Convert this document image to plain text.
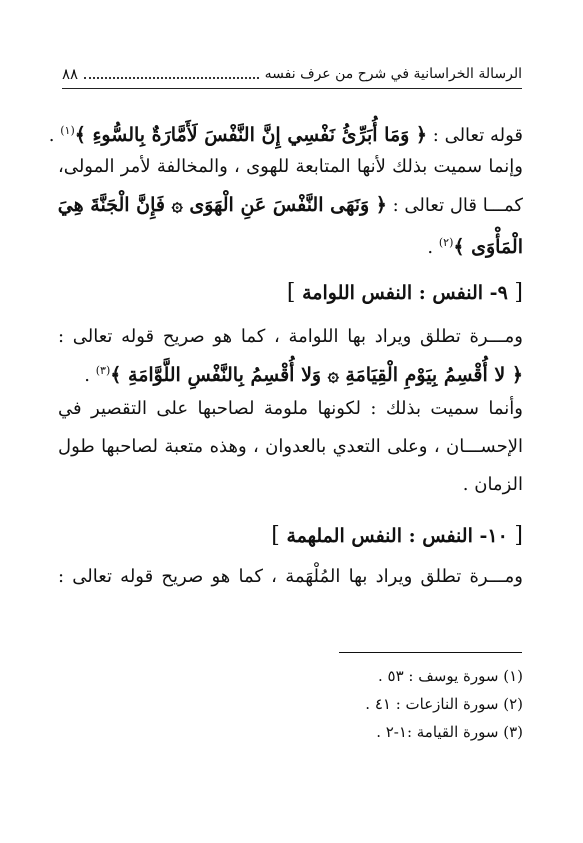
الرسالة الخراسانية في شرح من عرف نفسه
٨٨
قوله تعالى : ﴿ وَمَا أُبَرِّئُ نَفْسِي إِنَّ النَّفْسَ لَأَمَّارَةٌ بِالسُّوءِ ﴾$^{(١)}$ .
وإنما سميت بذلك لأنها المتابعة للهوى ، والمخالفة لأمر المولى،
كمـــا قال تعالى : ﴿ وَنَهَى النَّفْسَ عَنِ الْهَوَى ۞ فَإِنَّ الْجَنَّةَ هِيَ
الْمَأْوَى ﴾$^{(٢)}$ .
[ ٩- النفس : النفس اللوامة ]
ومـــرة تطلق ويراد بها اللوامة ، كما هو صريح قوله تعالى :
﴿ لا أُقْسِمُ بِيَوْمِ الْقِيَامَةِ ۞ وَلا أُقْسِمُ بِالنَّفْسِ اللَّوَّامَةِ ﴾$^{(٣)}$ .
وأنما سميت بذلك : لكونها ملومة لصاحبها على التقصير في
الإحســـان ، وعلى التعدي بالعدوان ، وهذه متعبة لصاحبها طول
الزمان .
[ ١٠- النفس : النفس الملهمة ]
ومـــرة تطلق ويراد بها المُلْهَمة ، كما هو صريح قوله تعالى :
(١) سورة يوسف : ٥٣ .
(٢) سورة النازعات : ٤١ .
(٣) سورة القيامة :١-٢ .
